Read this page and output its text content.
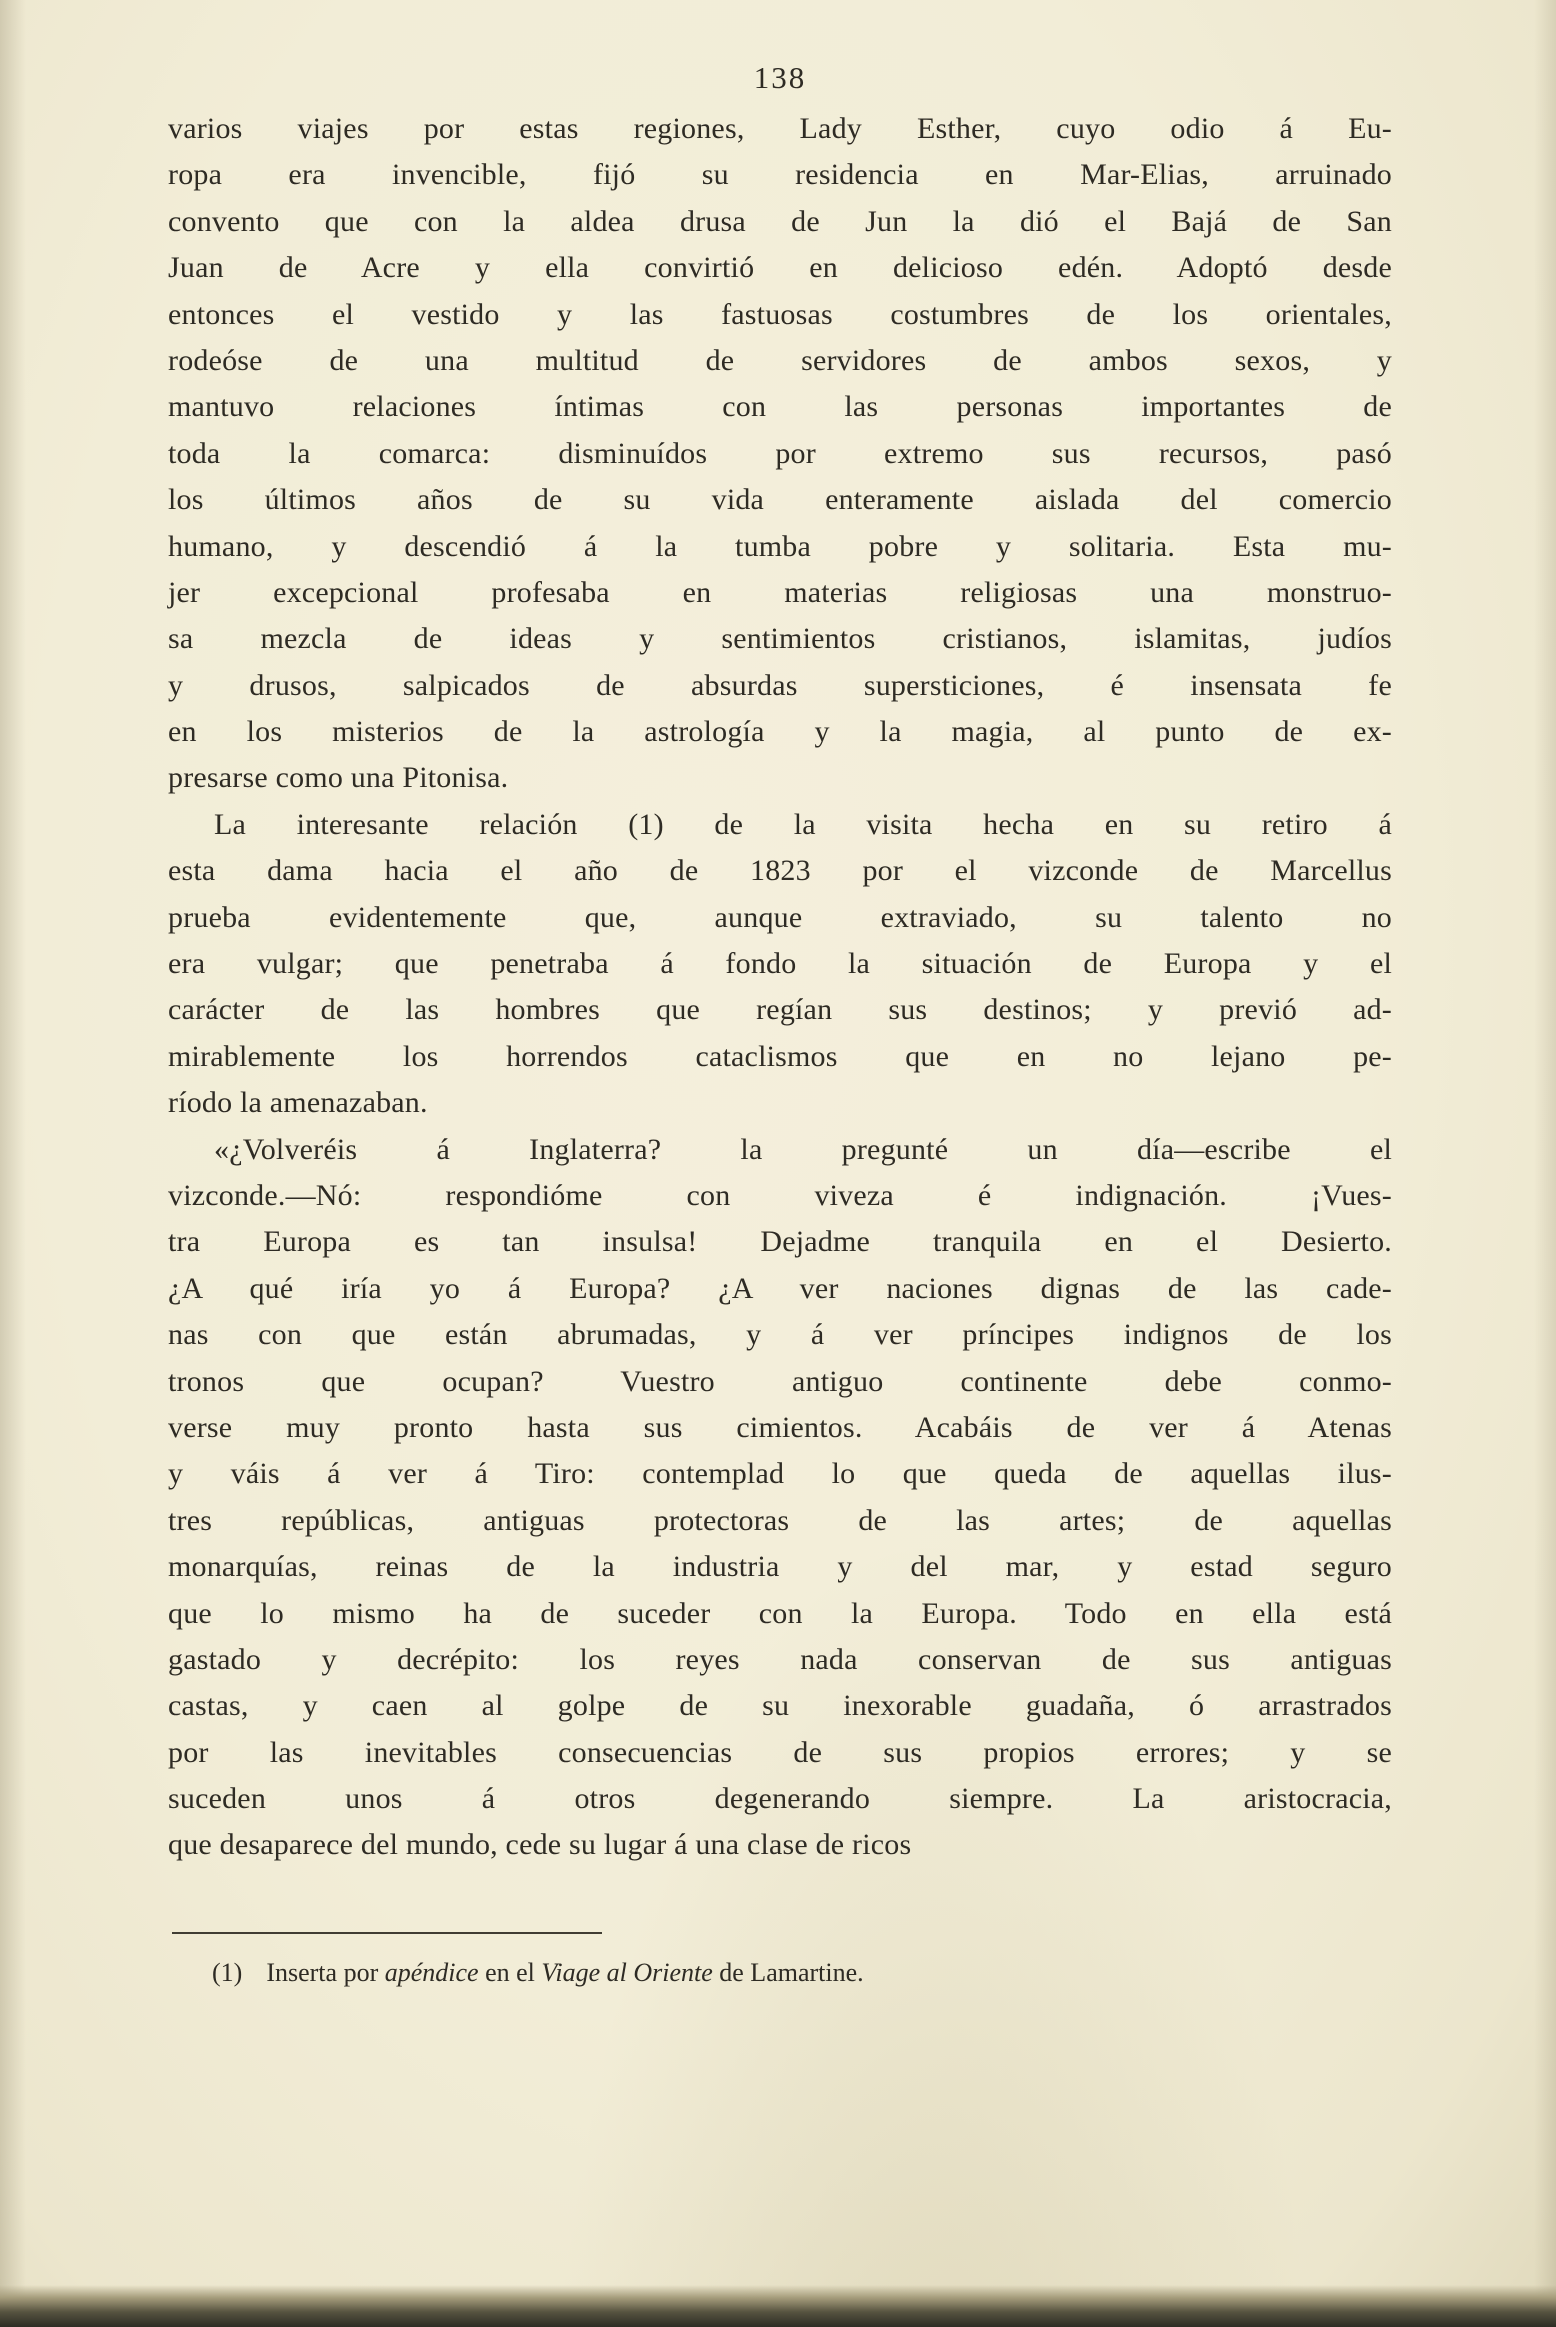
138
varios viajes por estas regiones, Lady Esther, cuyo odio á Eu-
ropa era invencible, fijó su residencia en Mar-Elias, arruinado
convento que con la aldea drusa de Jun la dió el Bajá de San
Juan de Acre y ella convirtió en delicioso edén. Adoptó desde
entonces el vestido y las fastuosas costumbres de los orientales,
rodeóse de una multitud de servidores de ambos sexos, y
mantuvo relaciones íntimas con las personas importantes de
toda la comarca: disminuídos por extremo sus recursos, pasó
los últimos años de su vida enteramente aislada del comercio
humano, y descendió á la tumba pobre y solitaria. Esta mu-
jer excepcional profesaba en materias religiosas una monstruo-
sa mezcla de ideas y sentimientos cristianos, islamitas, judíos
y drusos, salpicados de absurdas supersticiones, é insensata fe
en los misterios de la astrología y la magia, al punto de ex-
presarse como una Pitonisa.
La interesante relación (1) de la visita hecha en su retiro á
esta dama hacia el año de 1823 por el vizconde de Marcellus
prueba evidentemente que, aunque extraviado, su talento no
era vulgar; que penetraba á fondo la situación de Europa y el
carácter de las hombres que regían sus destinos; y previó ad-
mirablemente los horrendos cataclismos que en no lejano pe-
ríodo la amenazaban.
«¿Volveréis á Inglaterra? la pregunté un día—escribe el
vizconde.—Nó: respondióme con viveza é indignación. ¡Vues-
tra Europa es tan insulsa! Dejadme tranquila en el Desierto.
¿A qué iría yo á Europa? ¿A ver naciones dignas de las cade-
nas con que están abrumadas, y á ver príncipes indignos de los
tronos que ocupan? Vuestro antiguo continente debe conmo-
verse muy pronto hasta sus cimientos. Acabáis de ver á Atenas
y váis á ver á Tiro: contemplad lo que queda de aquellas ilus-
tres repúblicas, antiguas protectoras de las artes; de aquellas
monarquías, reinas de la industria y del mar, y estad seguro
que lo mismo ha de suceder con la Europa. Todo en ella está
gastado y decrépito: los reyes nada conservan de sus antiguas
castas, y caen al golpe de su inexorable guadaña, ó arrastrados
por las inevitables consecuencias de sus propios errores; y se
suceden unos á otros degenerando siempre. La aristocracia,
que desaparece del mundo, cede su lugar á una clase de ricos
(1) Inserta por apéndice en el Viage al Oriente de Lamartine.
